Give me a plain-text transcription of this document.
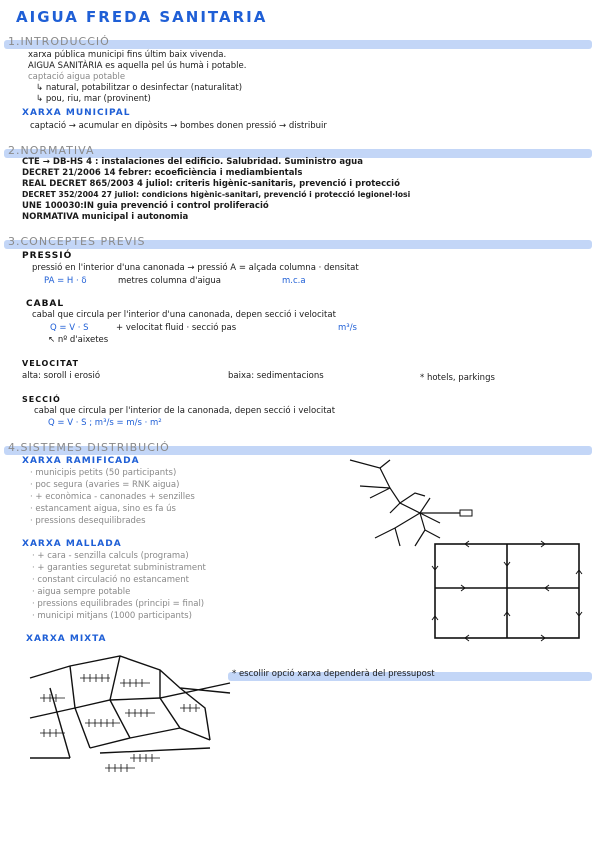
AIGUA FREDA SANITARIA
1.INTRODUCCIÓ
xarxa pública municipi fins últim baix vivenda.
AIGUA SANITÀRIA es aquella pel ús humà i potable.
captació aigua potable
↳ natural, potabilitzar o desinfectar (naturalitat)
↳ pou, riu, mar (provinent)
XARXA MUNICIPAL
captació → acumular en dipòsits → bombes donen pressió → distribuir
2.NORMATIVA
CTE → DB-HS 4 : instalaciones del edificio. Salubridad. Suministro agua
DECRET 21/2006 14 febrer: ecoeficiència i mediambientals
REAL DECRET 865/2003 4 juliol: criteris higènic-sanitaris, prevenció i protecció
DECRET 352/2004 27 juliol: condicions higènic-sanitari, prevenció i protecció legionel·losi
UNE 100030:IN guia prevenció i control proliferació
NORMATIVA municipal i autonomia
3.CONCEPTES PREVIS
PRESSIÓ
pressió en l'interior d'una canonada → pressió A = alçada columna · densitat
PA = H · δ	metres columna d'aigua	m.c.a
CABAL
cabal que circula per l'interior d'una canonada, depen secció i velocitat
Q = V · S	+ velocitat fluid · secció pas	m³/s
↖ nº d'aixetes
VELOCITAT
alta: soroll i erosió	baixa: sedimentacions	* hotels, parkings
SECCIÓ
cabal que circula per l'interior de la canonada, depen secció i velocitat
Q = V · S ; m³/s = m/s · m²
4.SISTEMES DISTRIBUCIÓ
XARXA RAMIFICADA
· municipis petits (50 participants)
· poc segura (avaries = RNK aigua)
· + econòmica - canonades + senzilles
· estancament aigua, sino es fa ús
· pressions desequilibrades
XARXA MALLADA
· + cara - senzilla calculs (programa)
· + garanties seguretat subministrament
· constant circulació no estancament
· aigua sempre potable
· pressions equilibrades (principi = final)
· municipi mitjans (1000 participants)
XARXA MIXTA
* escollir opció xarxa dependerà del pressupost
